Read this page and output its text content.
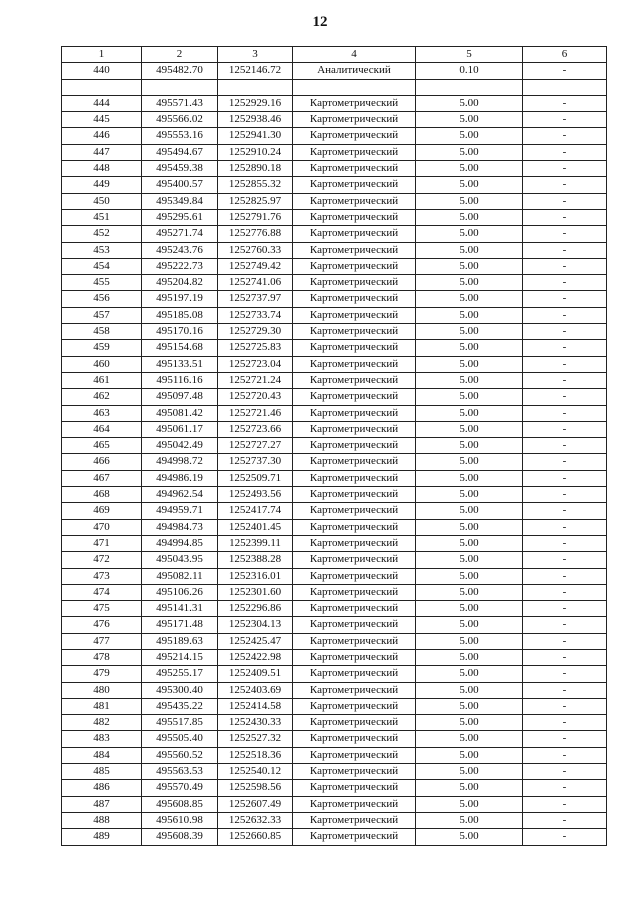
12
1	2	3	4	5	6
440	495482.70	1252146.72	Аналитический	0.10	-

444	495571.43	1252929.16	Картометрический	5.00	-
445	495566.02	1252938.46	Картометрический	5.00	-
446	495553.16	1252941.30	Картометрический	5.00	-
447	495494.67	1252910.24	Картометрический	5.00	-
448	495459.38	1252890.18	Картометрический	5.00	-
449	495400.57	1252855.32	Картометрический	5.00	-
450	495349.84	1252825.97	Картометрический	5.00	-
451	495295.61	1252791.76	Картометрический	5.00	-
452	495271.74	1252776.88	Картометрический	5.00	-
453	495243.76	1252760.33	Картометрический	5.00	-
454	495222.73	1252749.42	Картометрический	5.00	-
455	495204.82	1252741.06	Картометрический	5.00	-
456	495197.19	1252737.97	Картометрический	5.00	-
457	495185.08	1252733.74	Картометрический	5.00	-
458	495170.16	1252729.30	Картометрический	5.00	-
459	495154.68	1252725.83	Картометрический	5.00	-
460	495133.51	1252723.04	Картометрический	5.00	-
461	495116.16	1252721.24	Картометрический	5.00	-
462	495097.48	1252720.43	Картометрический	5.00	-
463	495081.42	1252721.46	Картометрический	5.00	-
464	495061.17	1252723.66	Картометрический	5.00	-
465	495042.49	1252727.27	Картометрический	5.00	-
466	494998.72	1252737.30	Картометрический	5.00	-
467	494986.19	1252509.71	Картометрический	5.00	-
468	494962.54	1252493.56	Картометрический	5.00	-
469	494959.71	1252417.74	Картометрический	5.00	-
470	494984.73	1252401.45	Картометрический	5.00	-
471	494994.85	1252399.11	Картометрический	5.00	-
472	495043.95	1252388.28	Картометрический	5.00	-
473	495082.11	1252316.01	Картометрический	5.00	-
474	495106.26	1252301.60	Картометрический	5.00	-
475	495141.31	1252296.86	Картометрический	5.00	-
476	495171.48	1252304.13	Картометрический	5.00	-
477	495189.63	1252425.47	Картометрический	5.00	-
478	495214.15	1252422.98	Картометрический	5.00	-
479	495255.17	1252409.51	Картометрический	5.00	-
480	495300.40	1252403.69	Картометрический	5.00	-
481	495435.22	1252414.58	Картометрический	5.00	-
482	495517.85	1252430.33	Картометрический	5.00	-
483	495505.40	1252527.32	Картометрический	5.00	-
484	495560.52	1252518.36	Картометрический	5.00	-
485	495563.53	1252540.12	Картометрический	5.00	-
486	495570.49	1252598.56	Картометрический	5.00	-
487	495608.85	1252607.49	Картометрический	5.00	-
488	495610.98	1252632.33	Картометрический	5.00	-
489	495608.39	1252660.85	Картометрический	5.00	-
